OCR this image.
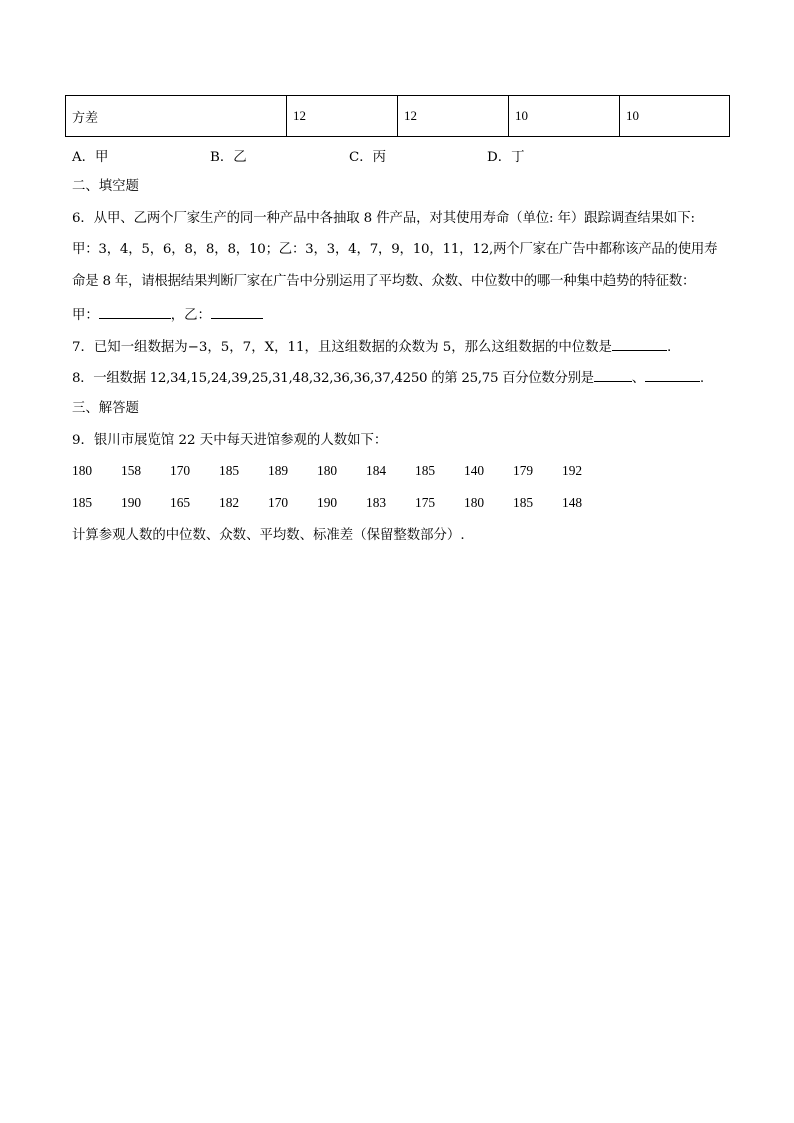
方差	12	12	10	10
A．甲	B．乙	C．丙	D．丁
二、填空题
6．从甲、乙两个厂家生产的同一种产品中各抽取 8 件产品，对其使用寿命（单位: 年）跟踪调查结果如下:
甲：3，4，5，6，8，8，8，10；乙：3，3，4，7，9，10，11，12,两个厂家在广告中都称该产品的使用寿
命是 8 年，请根据结果判断厂家在广告中分别运用了平均数、众数、中位数中的哪一种集中趋势的特征数：
甲：	，乙：
7．已知一组数据为−3，5，7，X，11，且这组数据的众数为 5，那么这组数据的中位数是	.
8．一组数据 12,34,15,24,39,25,31,48,32,36,36,37,4250 的第 25,75 百分位数分别是	、	.
三、解答题
9．银川市展览馆 22 天中每天进馆参观的人数如下：
180 158 170 185 189 180 184 185 140 179 192
185 190 165 182 170 190 183 175 180 185 148
计算参观人数的中位数、众数、平均数、标准差（保留整数部分）.
